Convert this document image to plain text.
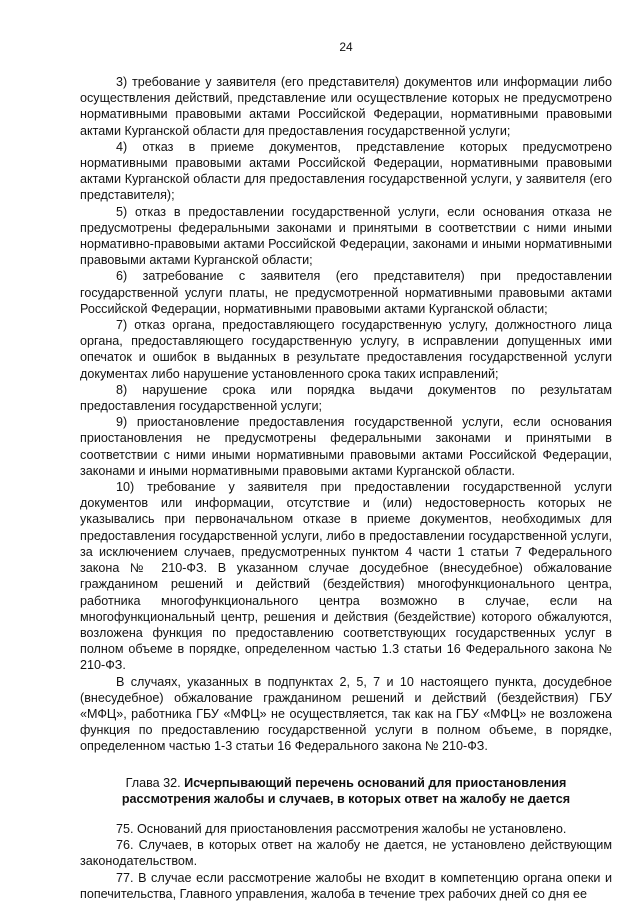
24

3) требование у заявителя (его представителя) документов или информации либо осуществления действий, представление или осуществление которых не предусмотрено нормативными правовыми актами Российской Федерации, нормативными правовыми актами Курганской области для предоставления государственной услуги;

4) отказ в приеме документов, представление которых предусмотрено нормативными правовыми актами Российской Федерации, нормативными правовыми актами Курганской области для предоставления государственной услуги, у заявителя (его представителя);

5) отказ в предоставлении государственной услуги, если основания отказа не предусмотрены федеральными законами и принятыми в соответствии с ними иными нормативно-правовыми актами Российской Федерации, законами и иными нормативными правовыми актами Курганской области;

6) затребование с заявителя (его представителя) при предоставлении государственной услуги платы, не предусмотренной нормативными правовыми актами Российской Федерации, нормативными правовыми актами Курганской области;

7) отказ органа, предоставляющего государственную услугу, должностного лица органа, предоставляющего государственную услугу, в исправлении допущенных ими опечаток и ошибок в выданных в результате предоставления государственной услуги документах либо нарушение установленного срока таких исправлений;

8) нарушение срока или порядка выдачи документов по результатам предоставления государственной услуги;

9) приостановление предоставления государственной услуги, если основания приостановления не предусмотрены федеральными законами и принятыми в соответствии с ними иными нормативными правовыми актами Российской Федерации, законами и иными нормативными правовыми актами Курганской области.

10) требование у заявителя при предоставлении государственной услуги документов или информации, отсутствие и (или) недостоверность которых не указывались при первоначальном отказе в приеме документов, необходимых для предоставления государственной услуги, либо в предоставлении государственной услуги, за исключением случаев, предусмотренных пунктом 4 части 1 статьи 7 Федерального закона № 210-ФЗ. В указанном случае досудебное (внесудебное) обжалование гражданином решений и действий (бездействия) многофункционального центра, работника многофункционального центра возможно в случае, если на многофункциональный центр, решения и действия (бездействие) которого обжалуются, возложена функция по предоставлению соответствующих государственных услуг в полном объеме в порядке, определенном частью 1.3 статьи 16 Федерального закона № 210-ФЗ.

В случаях, указанных в подпунктах 2, 5, 7 и 10 настоящего пункта, досудебное (внесудебное) обжалование гражданином решений и действий (бездействия) ГБУ «МФЦ», работника ГБУ «МФЦ» не осуществляется, так как на ГБУ «МФЦ» не возложена функция по предоставлению государственной услуги в полном объеме, в порядке, определенном частью 1-3 статьи 16 Федерального закона № 210-ФЗ.

Глава 32. Исчерпывающий перечень оснований для приостановления рассмотрения жалобы и случаев, в которых ответ на жалобу не дается

75. Оснований для приостановления рассмотрения жалобы не установлено.

76. Случаев, в которых ответ на жалобу не дается, не установлено действующим законодательством.

77. В случае если рассмотрение жалобы не входит в компетенцию органа опеки и попечительства, Главного управления, жалоба в течение трех рабочих дней со дня ее
